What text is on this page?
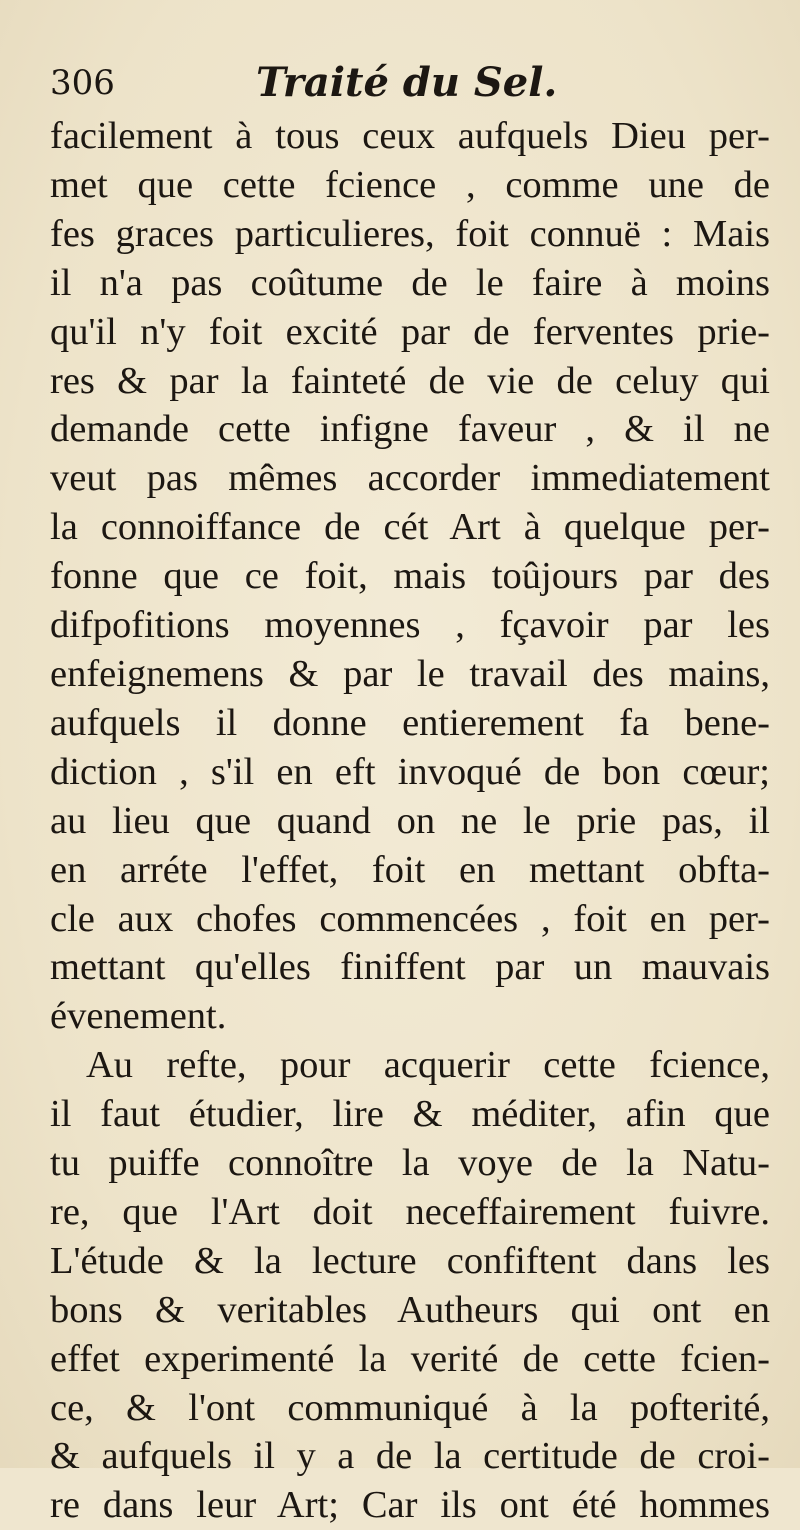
306	Traité du Sel.
facilement à tous ceux aufquels Dieu per-
met que cette fcience , comme une de
fes graces particulieres, foit connuë : Mais
il n'a pas coûtume de le faire à moins
qu'il n'y foit excité par de ferventes prie-
res & par la fainteté de vie de celuy qui
demande cette infigne faveur , & il ne
veut pas mêmes accorder immediatement
la connoiffance de cét Art à quelque per-
fonne que ce foit, mais toûjours par des
difpofitions moyennes , fçavoir par les
enfeignemens & par le travail des mains,
aufquels il donne entierement fa bene-
diction , s'il en eft invoqué de bon cœur;
au lieu que quand on ne le prie pas, il
en arréte l'effet, foit en mettant obfta-
cle aux chofes commencées , foit en per-
mettant qu'elles finiffent par un mauvais
évenement.
Au refte, pour acquerir cette fcience,
il faut étudier, lire & méditer, afin que
tu puiffe connoître la voye de la Natu-
re, que l'Art doit neceffairement fuivre.
L'étude & la lecture confiftent dans les
bons & veritables Autheurs qui ont en
effet experimenté la verité de cette fcien-
ce, & l'ont communiqué à la pofterité,
& aufquels il y a de la certitude de croi-
re dans leur Art; Car ils ont été hommes
